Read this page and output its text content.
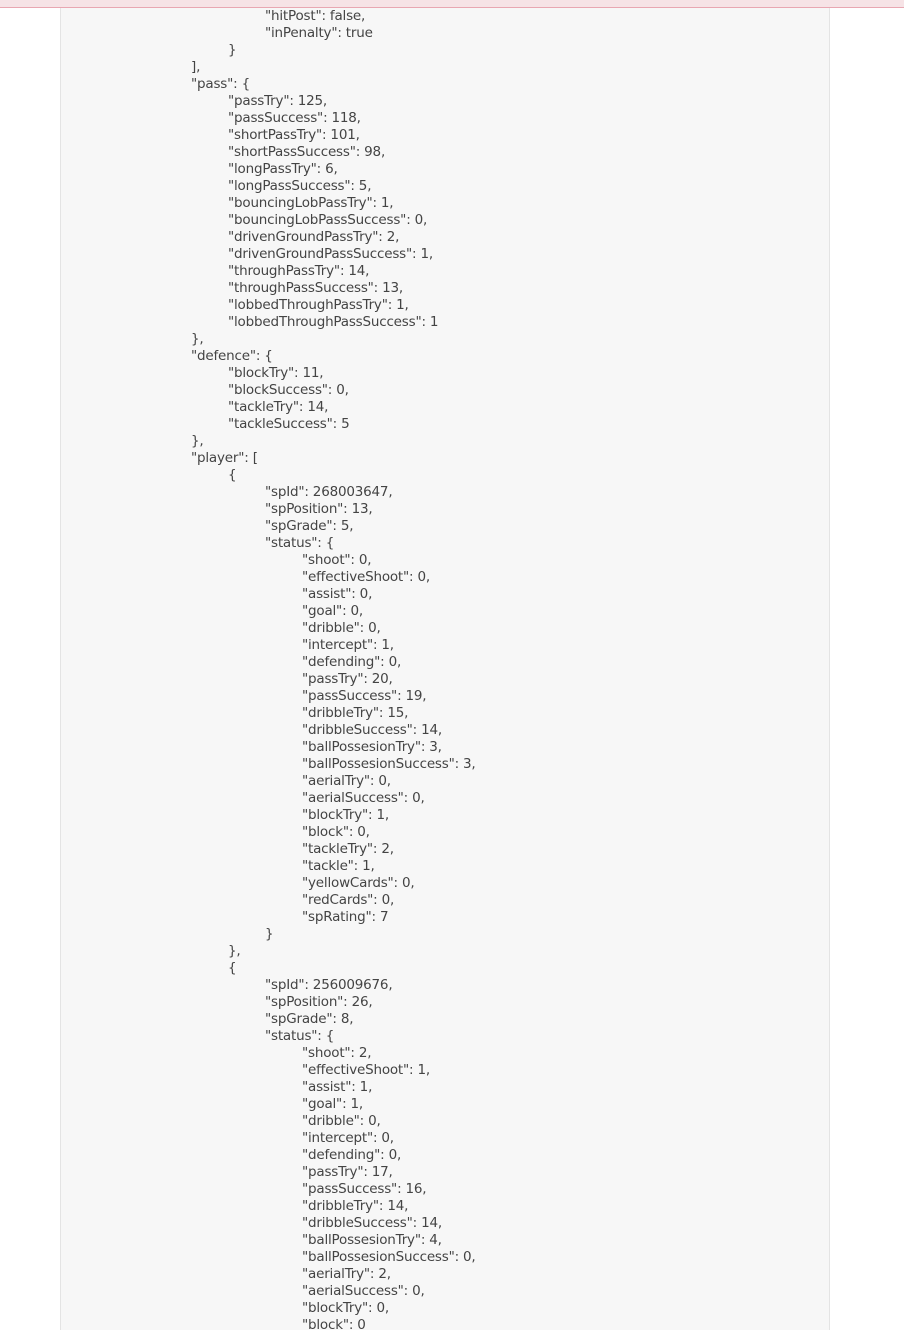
"hitPost": false,
"inPenalty": true
}
],
"pass": {
"passTry": 125,
"passSuccess": 118,
"shortPassTry": 101,
"shortPassSuccess": 98,
"longPassTry": 6,
"longPassSuccess": 5,
"bouncingLobPassTry": 1,
"bouncingLobPassSuccess": 0,
"drivenGroundPassTry": 2,
"drivenGroundPassSuccess": 1,
"throughPassTry": 14,
"throughPassSuccess": 13,
"lobbedThroughPassTry": 1,
"lobbedThroughPassSuccess": 1
},
"defence": {
"blockTry": 11,
"blockSuccess": 0,
"tackleTry": 14,
"tackleSuccess": 5
},
"player": [
{
"spId": 268003647,
"spPosition": 13,
"spGrade": 5,
"status": {
"shoot": 0,
"effectiveShoot": 0,
"assist": 0,
"goal": 0,
"dribble": 0,
"intercept": 1,
"defending": 0,
"passTry": 20,
"passSuccess": 19,
"dribbleTry": 15,
"dribbleSuccess": 14,
"ballPossesionTry": 3,
"ballPossesionSuccess": 3,
"aerialTry": 0,
"aerialSuccess": 0,
"blockTry": 1,
"block": 0,
"tackleTry": 2,
"tackle": 1,
"yellowCards": 0,
"redCards": 0,
"spRating": 7
}
},
{
"spId": 256009676,
"spPosition": 26,
"spGrade": 8,
"status": {
"shoot": 2,
"effectiveShoot": 1,
"assist": 1,
"goal": 1,
"dribble": 0,
"intercept": 0,
"defending": 0,
"passTry": 17,
"passSuccess": 16,
"dribbleTry": 14,
"dribbleSuccess": 14,
"ballPossesionTry": 4,
"ballPossesionSuccess": 0,
"aerialTry": 2,
"aerialSuccess": 0,
"blockTry": 0,
"block": 0
